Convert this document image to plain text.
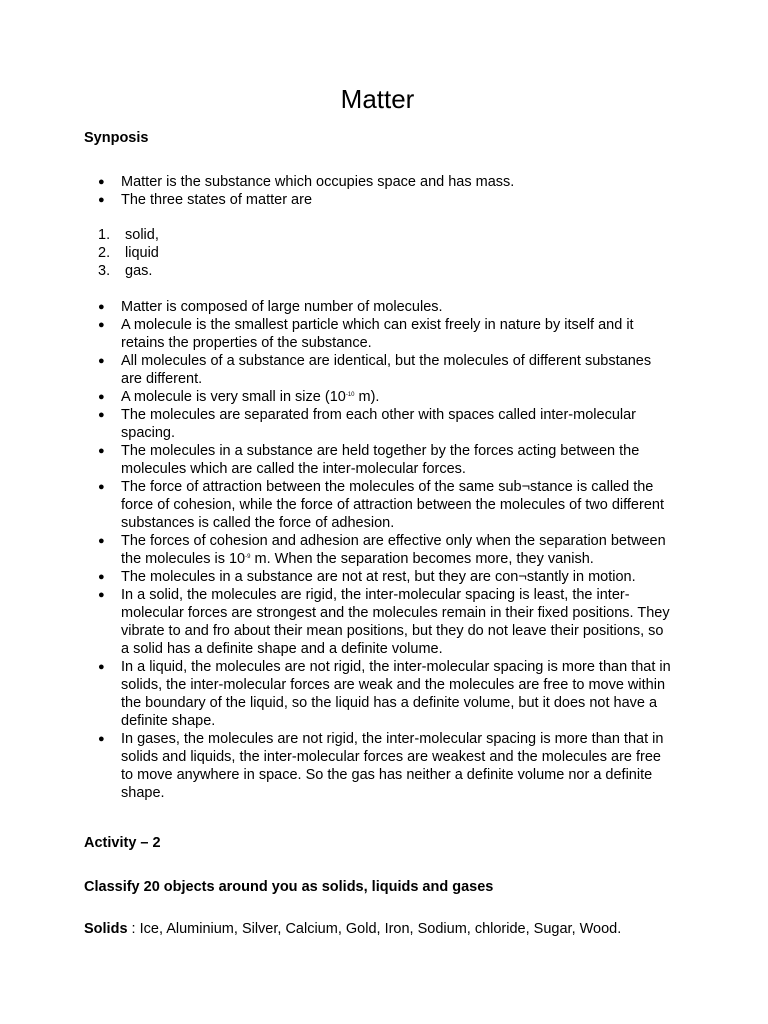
Matter
Synposis
● Matter is the substance which occupies space and has mass.
● The three states of matter are
1. solid,
2. liquid
3. gas.
● Matter is composed of large number of molecules.
● A molecule is the smallest particle which can exist freely in nature by itself and it retains the properties of the substance.
● All molecules of a substance are identical, but the molecules of different substanes are different.
● A molecule is very small in size ($10^{-10}$ m).
● The molecules are separated from each other with spaces called inter-molecular spacing.
● The molecules in a substance are held together by the forces acting between the molecules which are called the inter-molecular forces.
● The force of attraction between the molecules of the same sub¬stance is called the force of cohesion, while the force of attraction between the molecules of two different substances is called the force of adhesion.
● The forces of cohesion and adhesion are effective only when the separation between the molecules is $10^{-9}$ m. When the separation becomes more, they vanish.
● The molecules in a substance are not at rest, but they are con¬stantly in motion.
● In a solid, the molecules are rigid, the inter-molecular spacing is least, the inter-molecular forces are strongest and the molecules remain in their fixed positions. They vibrate to and fro about their mean positions, but they do not leave their positions, so a solid has a definite shape and a definite volume.
● In a liquid, the molecules are not rigid, the inter-molecular spacing is more than that in solids, the inter-molecular forces are weak and the molecules are free to move within the boundary of the liquid, so the liquid has a definite volume, but it does not have a definite shape.
● In gases, the molecules are not rigid, the inter-molecular spacing is more than that in solids and liquids, the inter-molecular forces are weakest and the molecules are free to move anywhere in space. So the gas has neither a definite volume nor a definite shape.
Activity – 2
Classify 20 objects around you as solids, liquids and gases
Solids : Ice, Aluminium, Silver, Calcium, Gold, Iron, Sodium, chloride, Sugar, Wood.
